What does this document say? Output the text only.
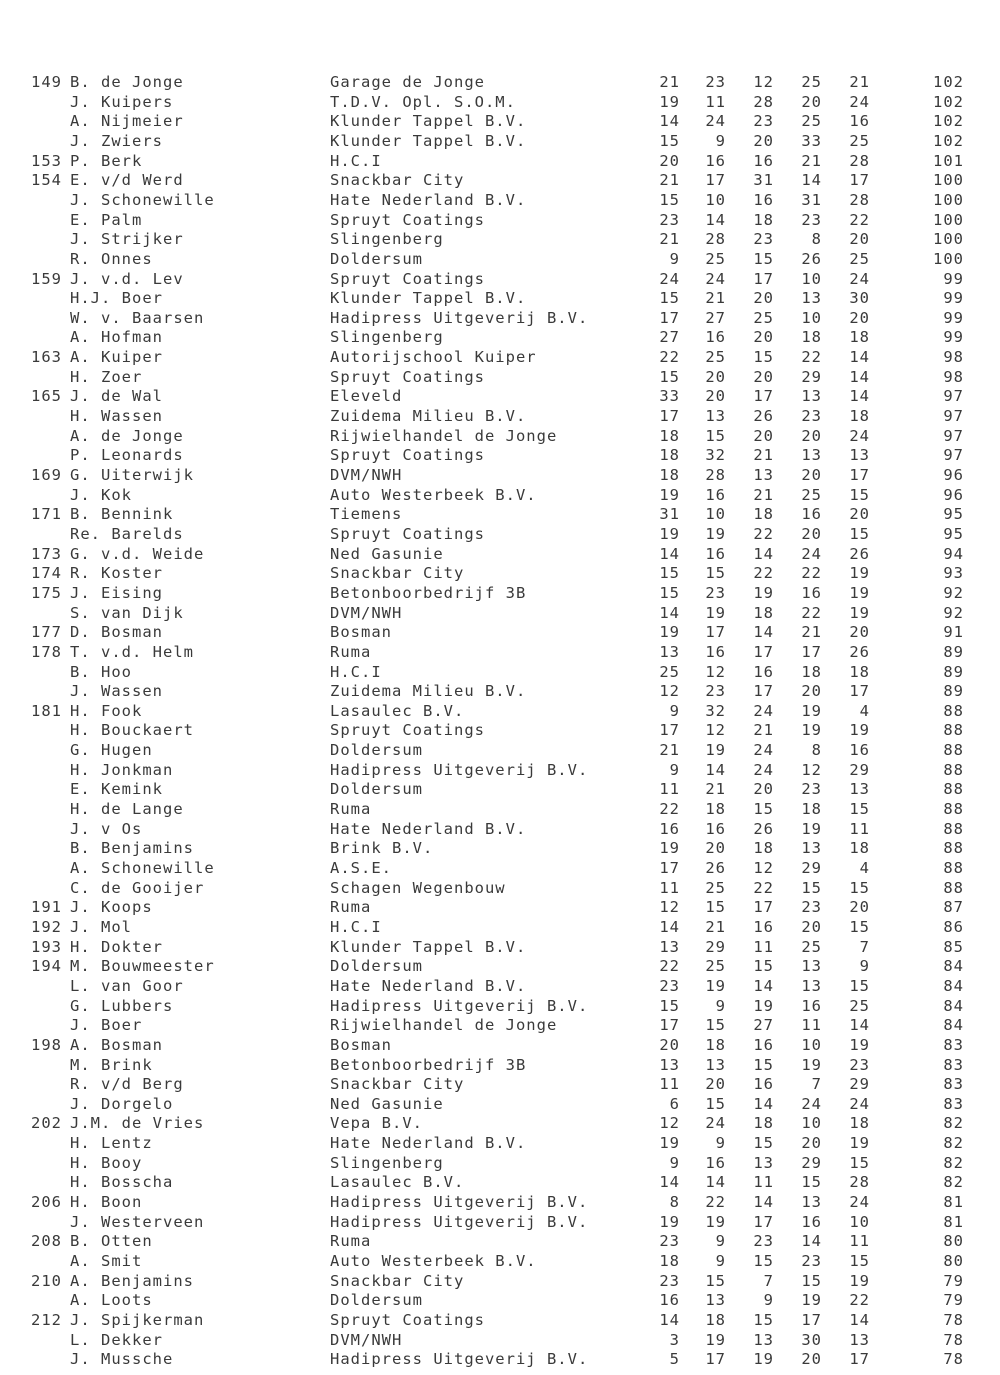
149 B. de Jonge	Garage de Jonge	21	23	12	25	21	102
J. Kuipers	T.D.V. Opl. S.O.M.	19	11	28	20	24	102
A. Nijmeier	Klunder Tappel B.V.	14	24	23	25	16	102
J. Zwiers	Klunder Tappel B.V.	15	9	20	33	25	102
153 P. Berk	H.C.I	20	16	16	21	28	101
154 E. v/d Werd	Snackbar City	21	17	31	14	17	100
J. Schonewille	Hate Nederland B.V.	15	10	16	31	28	100
E. Palm	Spruyt Coatings	23	14	18	23	22	100
J. Strijker	Slingenberg	21	28	23	8	20	100
R. Onnes	Doldersum	9	25	15	26	25	100
159 J. v.d. Lev	Spruyt Coatings	24	24	17	10	24	99
H.J. Boer	Klunder Tappel B.V.	15	21	20	13	30	99
W. v. Baarsen	Hadipress Uitgeverij B.V.	17	27	25	10	20	99
A. Hofman	Slingenberg	27	16	20	18	18	99
163 A. Kuiper	Autorijschool Kuiper	22	25	15	22	14	98
H. Zoer	Spruyt Coatings	15	20	20	29	14	98
165 J. de Wal	Eleveld	33	20	17	13	14	97
H. Wassen	Zuidema Milieu B.V.	17	13	26	23	18	97
A. de Jonge	Rijwielhandel de Jonge	18	15	20	20	24	97
P. Leonards	Spruyt Coatings	18	32	21	13	13	97
169 G. Uiterwijk	DVM/NWH	18	28	13	20	17	96
J. Kok	Auto Westerbeek B.V.	19	16	21	25	15	96
171 B. Bennink	Tiemens	31	10	18	16	20	95
Re. Barelds	Spruyt Coatings	19	19	22	20	15	95
173 G. v.d. Weide	Ned Gasunie	14	16	14	24	26	94
174 R. Koster	Snackbar City	15	15	22	22	19	93
175 J. Eising	Betonboorbedrijf 3B	15	23	19	16	19	92
S. van Dijk	DVM/NWH	14	19	18	22	19	92
177 D. Bosman	Bosman	19	17	14	21	20	91
178 T. v.d. Helm	Ruma	13	16	17	17	26	89
B. Hoo	H.C.I	25	12	16	18	18	89
J. Wassen	Zuidema Milieu B.V.	12	23	17	20	17	89
181 H. Fook	Lasaulec B.V.	9	32	24	19	4	88
H. Bouckaert	Spruyt Coatings	17	12	21	19	19	88
G. Hugen	Doldersum	21	19	24	8	16	88
H. Jonkman	Hadipress Uitgeverij B.V.	9	14	24	12	29	88
E. Kemink	Doldersum	11	21	20	23	13	88
H. de Lange	Ruma	22	18	15	18	15	88
J. v Os	Hate Nederland B.V.	16	16	26	19	11	88
B. Benjamins	Brink B.V.	19	20	18	13	18	88
A. Schonewille	A.S.E.	17	26	12	29	4	88
C. de Gooijer	Schagen Wegenbouw	11	25	22	15	15	88
191 J. Koops	Ruma	12	15	17	23	20	87
192 J. Mol	H.C.I	14	21	16	20	15	86
193 H. Dokter	Klunder Tappel B.V.	13	29	11	25	7	85
194 M. Bouwmeester	Doldersum	22	25	15	13	9	84
L. van Goor	Hate Nederland B.V.	23	19	14	13	15	84
G. Lubbers	Hadipress Uitgeverij B.V.	15	9	19	16	25	84
J. Boer	Rijwielhandel de Jonge	17	15	27	11	14	84
198 A. Bosman	Bosman	20	18	16	10	19	83
M. Brink	Betonboorbedrijf 3B	13	13	15	19	23	83
R. v/d Berg	Snackbar City	11	20	16	7	29	83
J. Dorgelo	Ned Gasunie	6	15	14	24	24	83
202 J.M. de Vries	Vepa B.V.	12	24	18	10	18	82
H. Lentz	Hate Nederland B.V.	19	9	15	20	19	82
H. Booy	Slingenberg	9	16	13	29	15	82
H. Bosscha	Lasaulec B.V.	14	14	11	15	28	82
206 H. Boon	Hadipress Uitgeverij B.V.	8	22	14	13	24	81
J. Westerveen	Hadipress Uitgeverij B.V.	19	19	17	16	10	81
208 B. Otten	Ruma	23	9	23	14	11	80
A. Smit	Auto Westerbeek B.V.	18	9	15	23	15	80
210 A. Benjamins	Snackbar City	23	15	7	15	19	79
A. Loots	Doldersum	16	13	9	19	22	79
212 J. Spijkerman	Spruyt Coatings	14	18	15	17	14	78
L. Dekker	DVM/NWH	3	19	13	30	13	78
J. Mussche	Hadipress Uitgeverij B.V.	5	17	19	20	17	78
